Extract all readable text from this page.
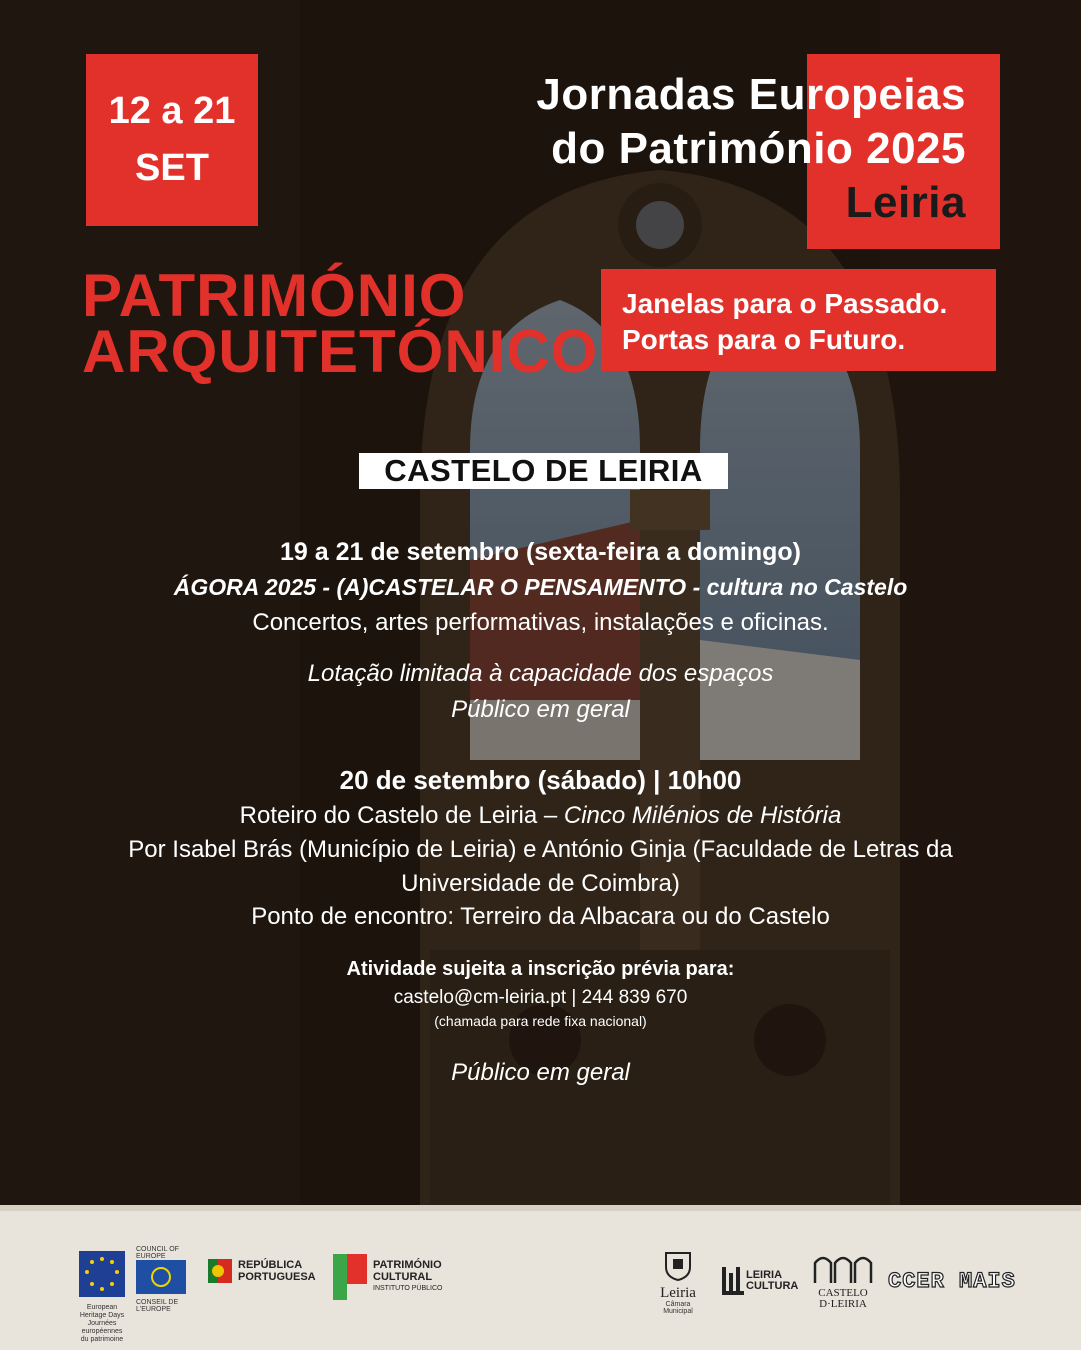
12 a 21
SET
Jornadas Europeias
do Património 2025
Leiria
PATRIMÓNIO
ARQUITETÓNICO
Janelas para o Passado.
Portas para o Futuro.
CASTELO DE LEIRIA
19 a 21 de setembro (sexta-feira a domingo)
ÁGORA 2025 - (A)CASTELAR O PENSAMENTO - cultura no Castelo
Concertos, artes performativas, instalações e oficinas.
Lotação limitada à capacidade dos espaços
Público em geral
20 de setembro (sábado) | 10h00
Roteiro do Castelo de Leiria – Cinco Milénios de História
Por Isabel Brás (Município de Leiria) e António Ginja (Faculdade de Letras da
Universidade de Coimbra)
Ponto de encontro: Terreiro da Albacara ou do Castelo
Atividade sujeita a inscrição prévia para:
castelo@cm-leiria.pt | 244 839 670
(chamada para rede fixa nacional)
Público em geral
European Heritage Days
Journées européennes du patrimoine
COUNCIL OF EUROPE
CONSEIL DE L'EUROPE
REPÚBLICA
PORTUGUESA
PATRIMÓNIO
CULTURAL
INSTITUTO PÚBLICO	Leiria
Câmara Municipal
LEIRIA
CULTURA
CASTELO
D·LEIRIA
CCER MAIS
